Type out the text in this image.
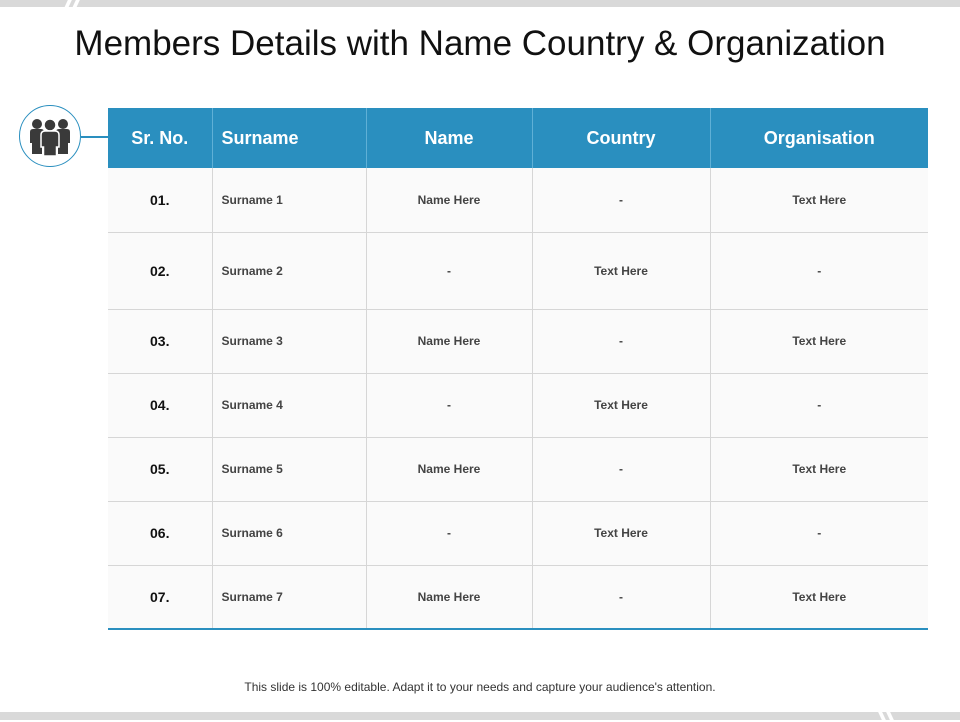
Members Details with Name Country & Organization
Sr. No.	Surname	Name	Country	Organisation
01.	Surname 1	Name Here	-	Text Here
02.	Surname 2	-	Text Here	-
03.	Surname 3	Name Here	-	Text Here
04.	Surname 4	-	Text Here	-
05.	Surname 5	Name Here	-	Text Here
06.	Surname 6	-	Text Here	-
07.	Surname 7	Name Here	-	Text Here
This slide is 100% editable. Adapt it to your needs and capture your audience's attention.
